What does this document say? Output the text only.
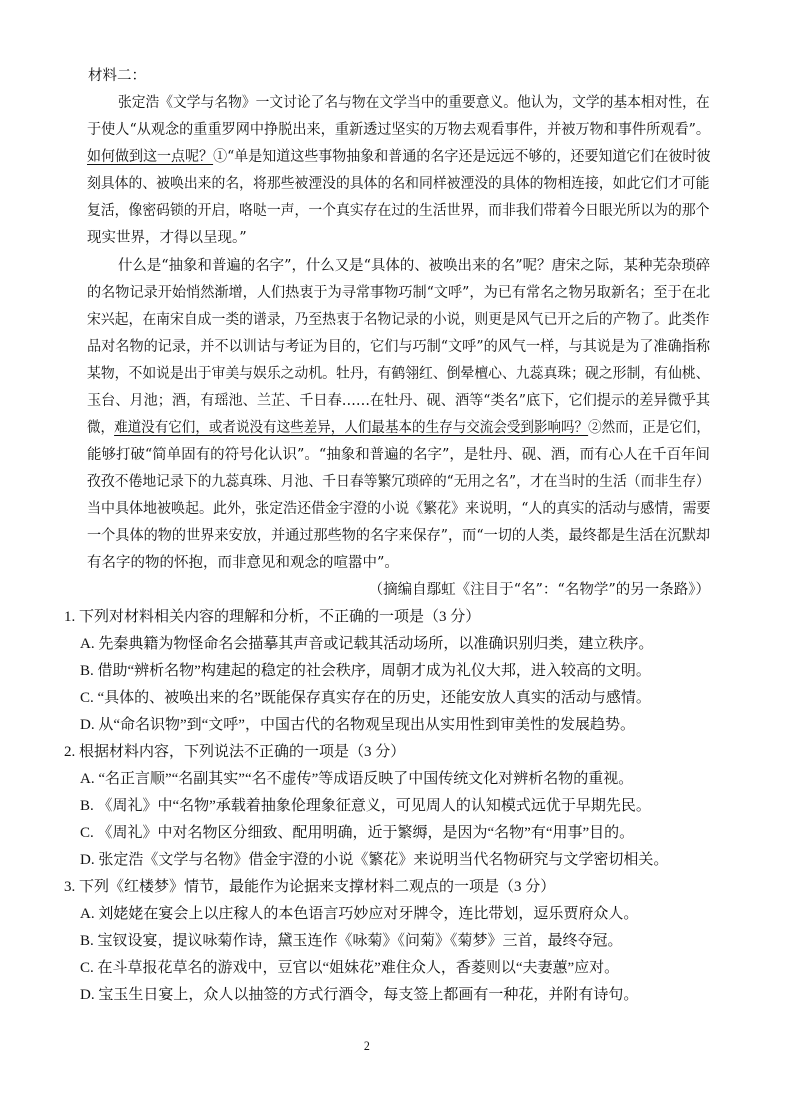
材料二：
张定浩《文学与名物》一文讨论了名与物在文学当中的重要意义。他认为，文学的基本相对性，在
于使人“从观念的重重罗网中挣脱出来，重新透过坚实的万物去观看事件，并被万物和事件所观看”。
如何做到这一点呢？①“单是知道这些事物抽象和普通的名字还是远远不够的，还要知道它们在彼时彼
刻具体的、被唤出来的名，将那些被湮没的具体的名和同样被湮没的具体的物相连接，如此它们才可能
复活，像密码锁的开启，咯哒一声，一个真实存在过的生活世界，而非我们带着今日眼光所以为的那个
现实世界，才得以呈现。”
什么是“抽象和普遍的名字”，什么又是“具体的、被唤出来的名”呢？唐宋之际，某种芜杂琐碎
的名物记录开始悄然渐增，人们热衷于为寻常事物巧制“文呼”，为已有常名之物另取新名；至于在北
宋兴起，在南宋自成一类的谱录，乃至热衷于名物记录的小说，则更是风气已开之后的产物了。此类作
品对名物的记录，并不以训诂与考证为目的，它们与巧制“文呼”的风气一样，与其说是为了准确指称
某物，不如说是出于审美与娱乐之动机。牡丹，有鹤翎红、倒晕檀心、九蕊真珠；砚之形制，有仙桃、
玉台、月池；酒，有瑶池、兰芷、千日春……在牡丹、砚、酒等“类名”底下，它们提示的差异微乎其
微，难道没有它们，或者说没有这些差异，人们最基本的生存与交流会受到影响吗？②然而，正是它们，
能够打破“简单固有的符号化认识”。“抽象和普遍的名字”，是牡丹、砚、酒，而有心人在千百年间
孜孜不倦地记录下的九蕊真珠、月池、千日春等繁冗琐碎的“无用之名”，才在当时的生活（而非生存）
当中具体地被唤起。此外，张定浩还借金宇澄的小说《繁花》来说明，“人的真实的活动与感情，需要
一个具体的物的世界来安放，并通过那些物的名字来保存”，而“一切的人类，最终都是生活在沉默却
有名字的物的怀抱，而非意见和观念的喧嚣中”。
（摘编自鄢虹《注目于“名”：“名物学”的另一条路》）
1. 下列对材料相关内容的理解和分析，不正确的一项是（3 分）
A. 先秦典籍为物怪命名会描摹其声音或记载其活动场所，以准确识别归类，建立秩序。
B. 借助“辨析名物”构建起的稳定的社会秩序，周朝才成为礼仪大邦，进入较高的文明。
C. “具体的、被唤出来的名”既能保存真实存在的历史，还能安放人真实的活动与感情。
D. 从“命名识物”到“文呼”，中国古代的名物观呈现出从实用性到审美性的发展趋势。
2. 根据材料内容，下列说法不正确的一项是（3 分）
A. “名正言顺”“名副其实”“名不虚传”等成语反映了中国传统文化对辨析名物的重视。
B. 《周礼》中“名物”承载着抽象伦理象征意义，可见周人的认知模式远优于早期先民。
C. 《周礼》中对名物区分细致、配用明确，近于繁缛，是因为“名物”有“用事”目的。
D. 张定浩《文学与名物》借金宇澄的小说《繁花》来说明当代名物研究与文学密切相关。
3. 下列《红楼梦》情节，最能作为论据来支撑材料二观点的一项是（3 分）
A. 刘姥姥在宴会上以庄稼人的本色语言巧妙应对牙牌令，连比带划，逗乐贾府众人。
B. 宝钗设宴，提议咏菊作诗，黛玉连作《咏菊》《问菊》《菊梦》三首，最终夺冠。
C. 在斗草报花草名的游戏中，豆官以“姐妹花”难住众人，香菱则以“夫妻蕙”应对。
D. 宝玉生日宴上，众人以抽签的方式行酒令，每支签上都画有一种花，并附有诗句。
2
